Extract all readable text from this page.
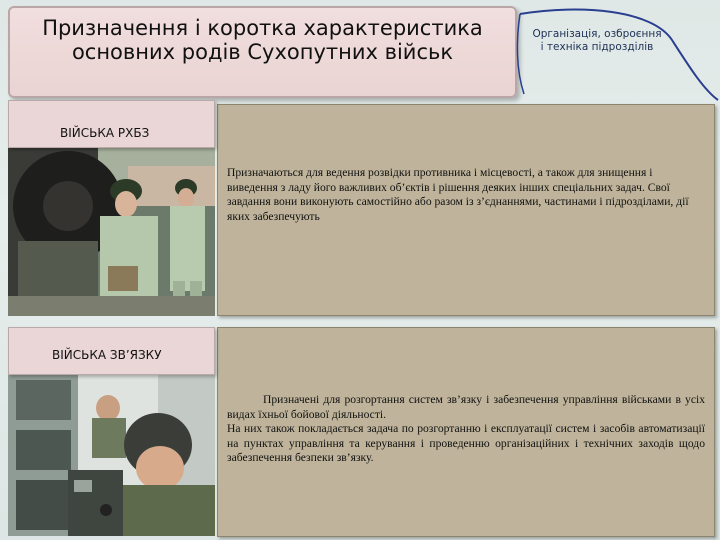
Призначення і коротка характеристика основних родів Сухопутних військ
Організація, озброєння і техніка підрозділів
ВІЙСЬКА РХБЗ

Призначаються для ведення розвідки противника і місцевості, а також для знищення і виведення з ладу його важливих об’єктів і рішення деяких інших спеціальних задач. Свої завдання вони виконують самостійно або разом із з’єднаннями, частинами і підрозділами, дії яких забезпечують

ВІЙСЬКА ЗВ’ЯЗКУ

Призначені для розгортання систем зв’язку і забезпечення управління військами в усіх видах їхньої бойової діяльності.

На них також покладається задача по розгортанню і експлуатації систем і засобів автоматизації на пунктах управління та керування і проведенню організаційних і технічних заходів щодо забезпечення безпеки зв’язку.
